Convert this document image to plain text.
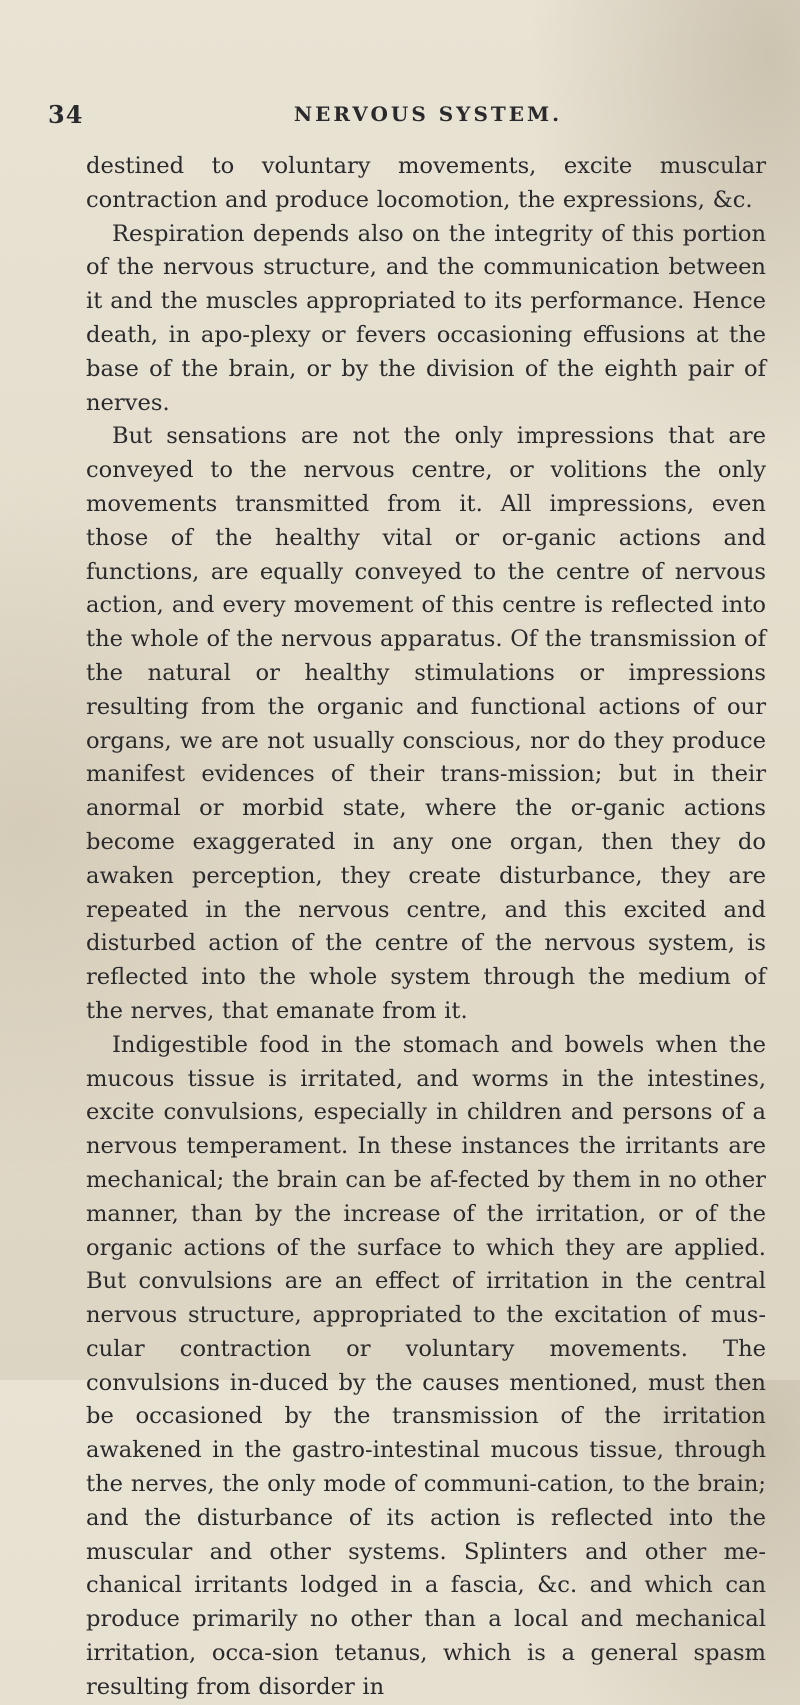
34	NERVOUS SYSTEM.

destined to voluntary movements, excite muscular contraction and produce locomotion, the expressions, &c.

Respiration depends also on the integrity of this portion of the nervous structure, and the communication between it and the muscles appropriated to its performance. Hence death, in apo-plexy or fevers occasioning effusions at the base of the brain, or by the division of the eighth pair of nerves.

But sensations are not the only impressions that are conveyed to the nervous centre, or volitions the only movements transmitted from it. All impressions, even those of the healthy vital or or-ganic actions and functions, are equally conveyed to the centre of nervous action, and every movement of this centre is reflected into the whole of the nervous apparatus. Of the transmission of the natural or healthy stimulations or impressions resulting from the organic and functional actions of our organs, we are not usually conscious, nor do they produce manifest evidences of their trans-mission; but in their anormal or morbid state, where the or-ganic actions become exaggerated in any one organ, then they do awaken perception, they create disturbance, they are repeated in the nervous centre, and this excited and disturbed action of the centre of the nervous system, is reflected into the whole system through the medium of the nerves, that emanate from it.

Indigestible food in the stomach and bowels when the mucous tissue is irritated, and worms in the intestines, excite convulsions, especially in children and persons of a nervous temperament. In these instances the irritants are mechanical; the brain can be af-fected by them in no other manner, than by the increase of the irritation, or of the organic actions of the surface to which they are applied. But convulsions are an effect of irritation in the central nervous structure, appropriated to the excitation of mus-cular contraction or voluntary movements. The convulsions in-duced by the causes mentioned, must then be occasioned by the transmission of the irritation awakened in the gastro-intestinal mucous tissue, through the nerves, the only mode of communi-cation, to the brain; and the disturbance of its action is reflected into the muscular and other systems. Splinters and other me-chanical irritants lodged in a fascia, &c. and which can produce primarily no other than a local and mechanical irritation, occa-sion tetanus, which is a general spasm resulting from disorder in
